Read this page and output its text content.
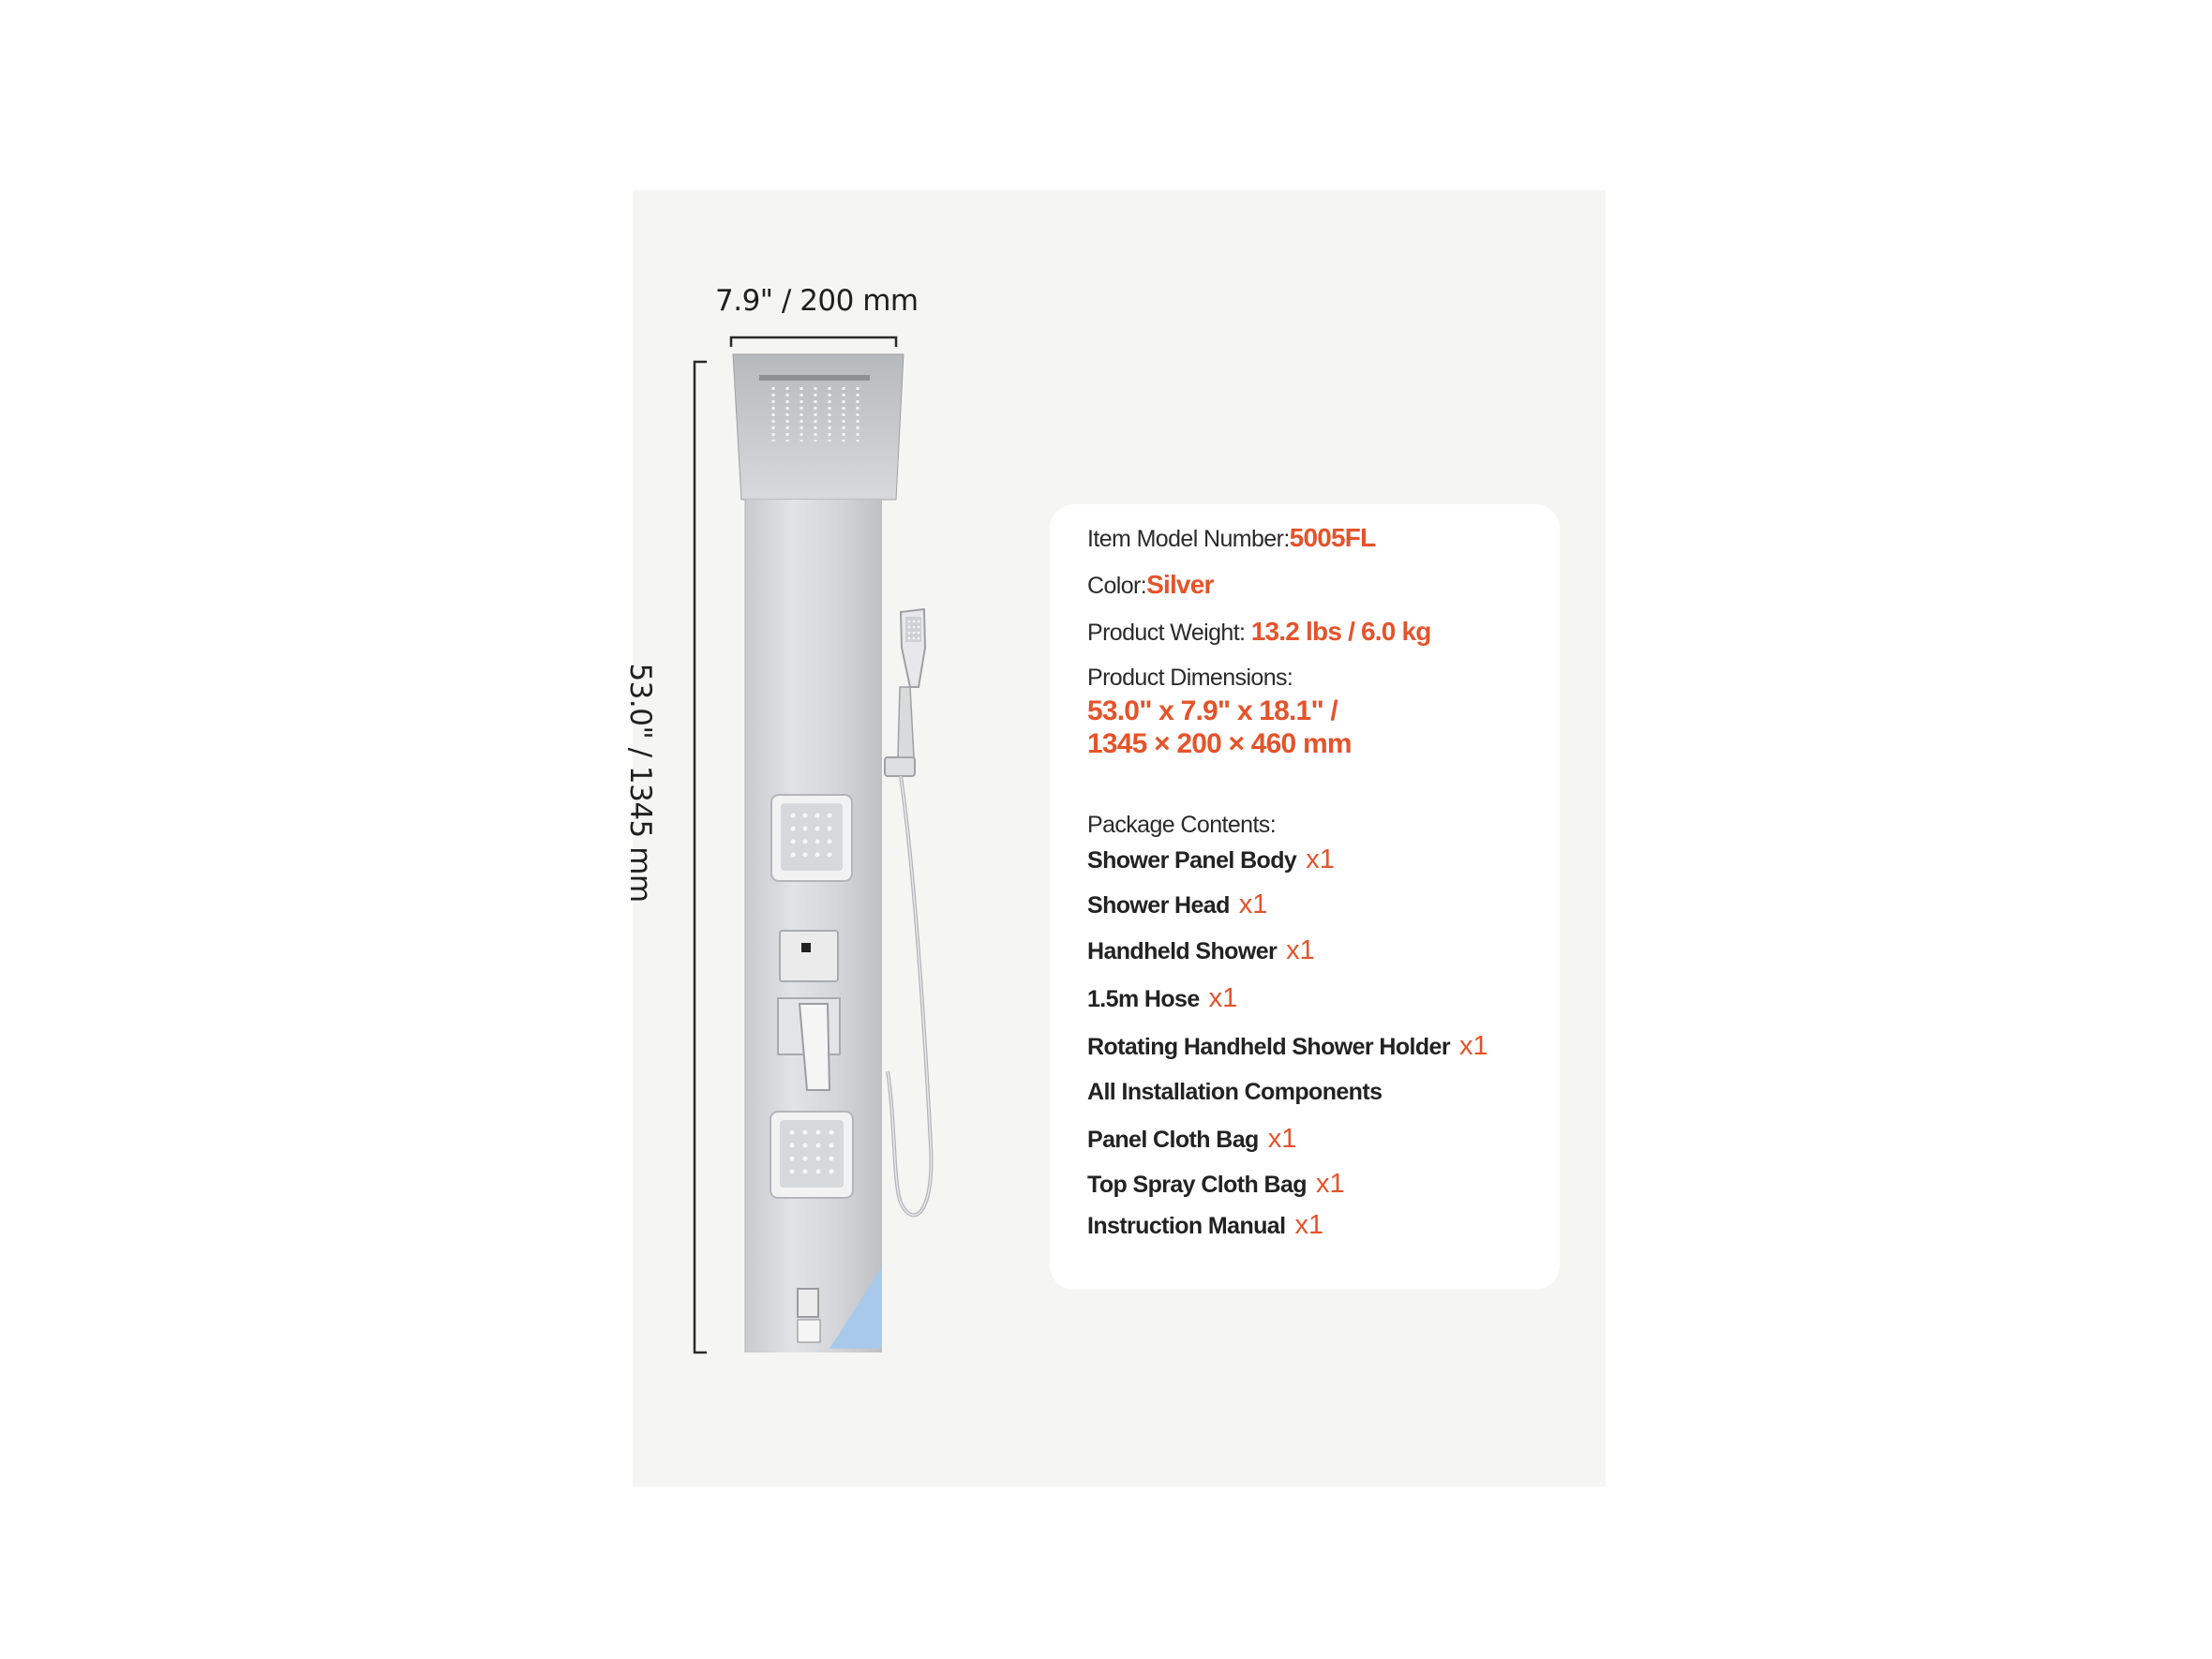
7.9" / 200 mm
53.0" / 1345 mm
Item Model Number:5005FL
Color:Silver
Product Weight: 13.2 lbs / 6.0 kg
Product Dimensions:
53.0" x 7.9" x 18.1" /
1345 × 200 × 460 mm
Package Contents:
Shower Panel Body x1
Shower Head x1
Handheld Shower x1
1.5m Hose x1
Rotating Handheld Shower Holder x1
All Installation Components
Panel Cloth Bag x1
Top Spray Cloth Bag x1
Instruction Manual x1
